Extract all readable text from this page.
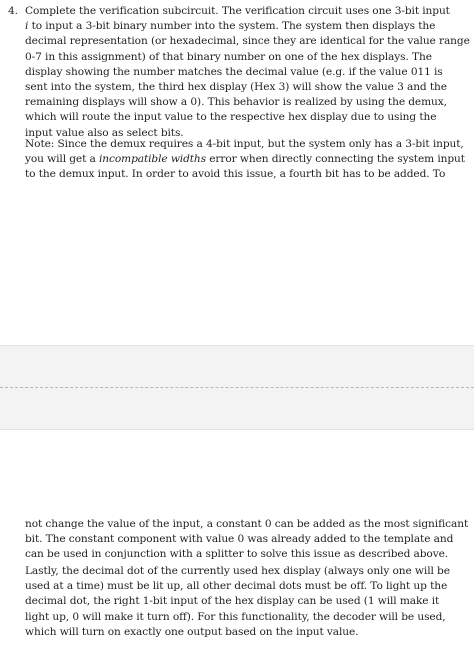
4. Complete the verification subcircuit. The verification circuit uses one 3-bit input
i to input a 3-bit binary number into the system. The system then displays the
decimal representation (or hexadecimal, since they are identical for the value range
0-7 in this assignment) of that binary number on one of the hex displays. The
display showing the number matches the decimal value (e.g. if the value 011 is
sent into the system, the third hex display (Hex 3) will show the value 3 and the
remaining displays will show a 0). This behavior is realized by using the demux,
which will route the input value to the respective hex display due to using the
input value also as select bits.
Note: Since the demux requires a 4-bit input, but the system only has a 3-bit input,
you will get a incompatible widths error when directly connecting the system input
to the demux input. In order to avoid this issue, a fourth bit has to be added. To
not change the value of the input, a constant 0 can be added as the most significant
bit. The constant component with value 0 was already added to the template and
can be used in conjunction with a splitter to solve this issue as described above.
Lastly, the decimal dot of the currently used hex display (always only one will be
used at a time) must be lit up, all other decimal dots must be off. To light up the
decimal dot, the right 1-bit input of the hex display can be used (1 will make it
light up, 0 will make it turn off). For this functionality, the decoder will be used,
which will turn on exactly one output based on the input value.
